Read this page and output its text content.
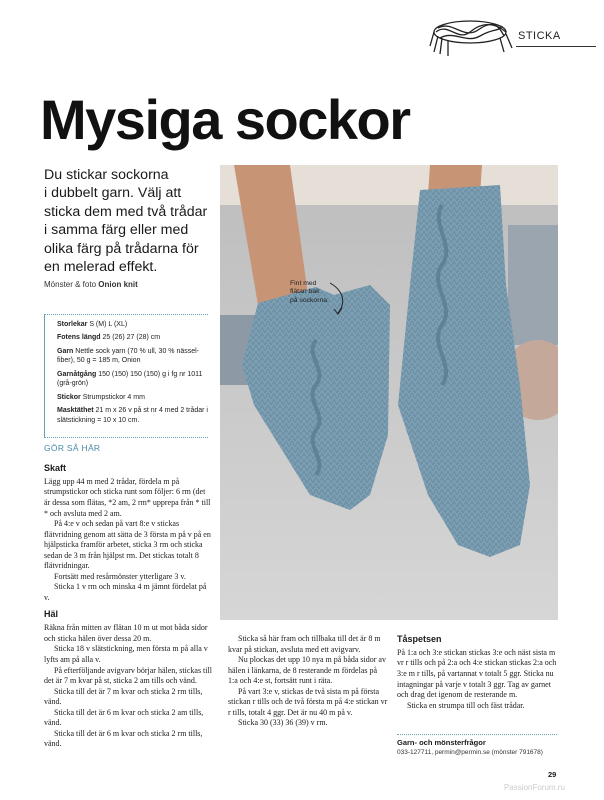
STICKA
Mysiga sockor
Du stickar sockorna
i dubbelt garn. Välj att
sticka dem med två trådar
i samma färg eller med
olika färg på trådarna för
en melerad effekt.
Mönster & foto Onion knit	Fint med
flätan bak
på sockorna.
Storlekar S (M) L (XL)
Fotens längd 25 (26) 27 (28) cm
Garn Nettle sock yarn (70 % ull, 30 % nässel-fiber), 50 g = 185 m, Onion
Garnåtgång 150 (150) 150 (150) g i fg nr 1011 (grå-grön)
Stickor Strumpstickor 4 mm
Masktäthet 21 m x 26 v på st nr 4 med 2 trådar i slätstickning = 10 x 10 cm.
GÖR SÅ HÄR
Skaft

Lägg upp 44 m med 2 trådar, fördela m på strumpstickor och sticka runt som följer: 6 rm (det är dessa som flätas, *2 am, 2 rm* upprepa från * till * och avsluta med 2 am.

På 4:e v och sedan på vart 8:e v stickas flätvridning genom att sätta de 3 första m på v på en hjälpsticka framför arbetet, sticka 3 rm och sticka sedan de 3 m från hjälpst rm. Det stickas totalt 8 flätvridningar.

Fortsätt med resårmönster ytterligare 3 v.

Sticka 1 v rm och minska 4 m jämnt fördelat på v.

Häl

Räkna från mitten av flätan 10 m ut mot båda sidor och sticka hälen över dessa 20 m.

Sticka 18 v slätstickning, men första m på alla v lyfts am på alla v.

På efterföljande avigvarv börjar hälen, stickas till det är 7 m kvar på st, sticka 2 am tills och vänd.

Sticka till det är 7 m kvar och sticka 2 rm tills, vänd.

Sticka till det är 6 m kvar och sticka 2 am tills, vänd.

Sticka till det är 6 m kvar och sticka 2 rm tills, vänd.

Sticka så här fram och tillbaka till det är 8 m kvar på stickan, avsluta med ett avigvarv.

Nu plockas det upp 10 nya m på båda sidor av hälen i länkarna, de 8 resterande m fördelas på 1:a och 4:e st, fortsätt runt i räta.

På vart 3:e v, stickas de två sista m på första stickan r tills och de två första m på 4:e stickan vr r tills, totalt 4 ggr. Det är nu 40 m på v.

Sticka 30 (33) 36 (39) v rm.

Tåspetsen

På 1:a och 3:e stickan stickas 3:e och näst sista m vr r tills och på 2:a och 4:e stickan stickas 2:a och 3:e m r tills, på vartannat v totalt 5 ggr. Sticka nu intagningar på varje v totalt 3 ggr. Tag av garnet och drag det igenom de resterande m.

Sticka en strumpa till och fäst trådar.

Garn- och mönsterfrågor
033-127711, permin@permin.se (mönster 791678)
29
PassionForum.ru
